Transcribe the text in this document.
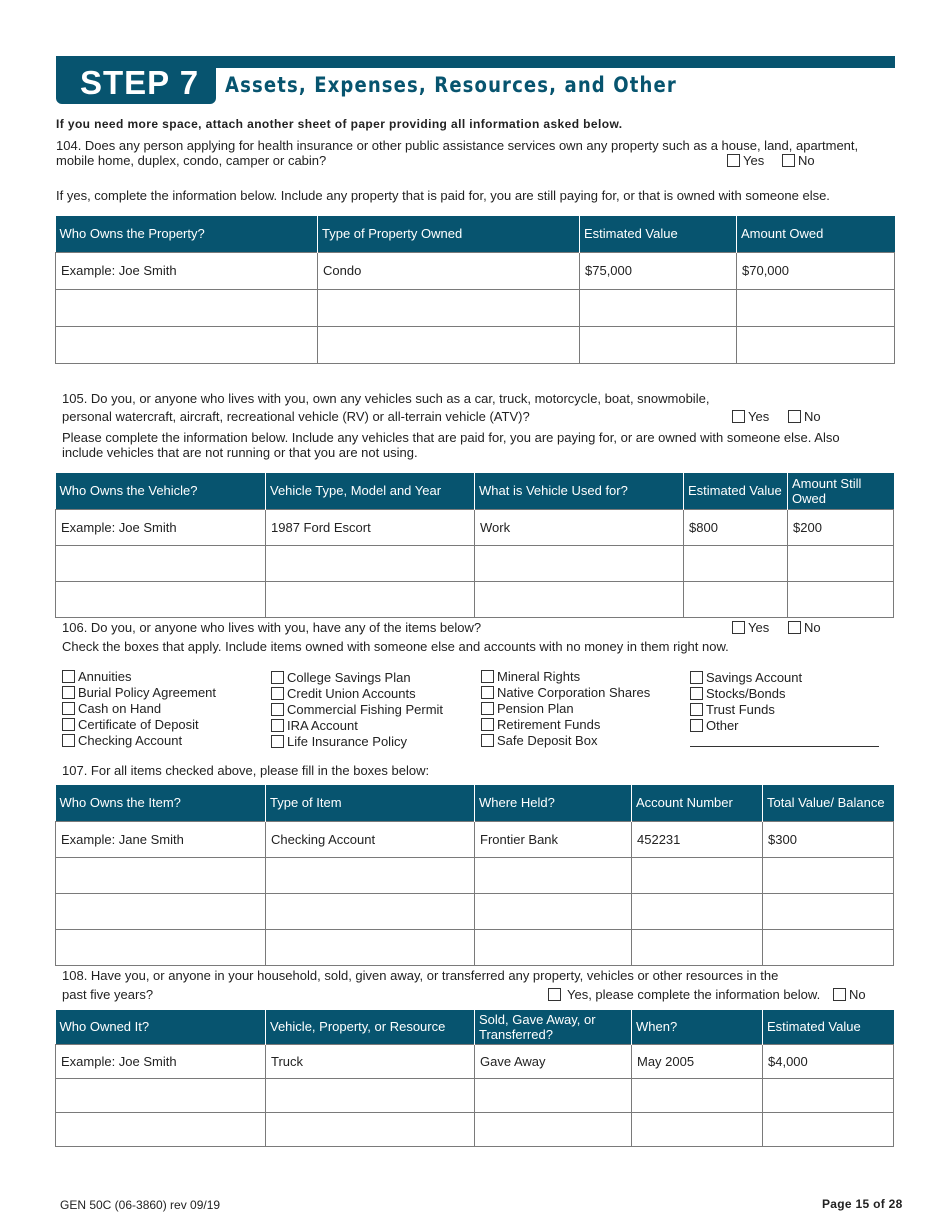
STEP 7	Assets, Expenses, Resources, and Other
If you need more space, attach another sheet of paper providing all information asked below.
104. Does any person applying for health insurance or other public assistance services own any property such as a house, land, apartment,
mobile home, duplex, condo, camper or cabin?	Yes	No
If yes, complete the information below. Include any property that is paid for, you are still paying for, or that is owned with someone else.
Who Owns the Property?	Type of Property Owned	Estimated Value	Amount Owed
Example: Joe Smith	Condo	$75,000	$70,000

105. Do you, or anyone who lives with you, own any vehicles such as a car, truck, motorcycle, boat, snowmobile,
personal watercraft, aircraft, recreational vehicle (RV) or all-terrain vehicle (ATV)?	Yes	No
Please complete the information below. Include any vehicles that are paid for, you are paying for, or are owned with someone else. Also
include vehicles that are not running or that you are not using.
Who Owns the Vehicle?	Vehicle Type, Model and Year	What is Vehicle Used for?	Estimated Value	Amount Still Owed
Example: Joe Smith	1987 Ford Escort	Work	$800	$200

106. Do you, or anyone who lives with you, have any of the items below?	Yes	No
Check the boxes that apply. Include items owned with someone else and accounts with no money in them right now.
Annuities
Burial Policy Agreement
Cash on Hand
Certificate of Deposit
Checking Account
College Savings Plan
Credit Union Accounts
Commercial Fishing Permit
IRA Account
Life Insurance Policy
Mineral Rights
Native Corporation Shares
Pension Plan
Retirement Funds
Safe Deposit Box
Savings Account
Stocks/Bonds
Trust Funds
Other
107. For all items checked above, please fill in the boxes below:
Who Owns the Item?	Type of Item	Where Held?	Account Number	Total Value/ Balance
Example: Jane Smith	Checking Account	Frontier Bank	452231	$300

108. Have you, or anyone in your household, sold, given away, or transferred any property, vehicles or other resources in the
past five years?	Yes, please complete the information below.	No
Who Owned It?	Vehicle, Property, or Resource	Sold, Gave Away, or Transferred?	When?	Estimated Value
Example: Joe Smith	Truck	Gave Away	May 2005	$4,000

GEN 50C (06-3860) rev 09/19	Page 15 of 28
